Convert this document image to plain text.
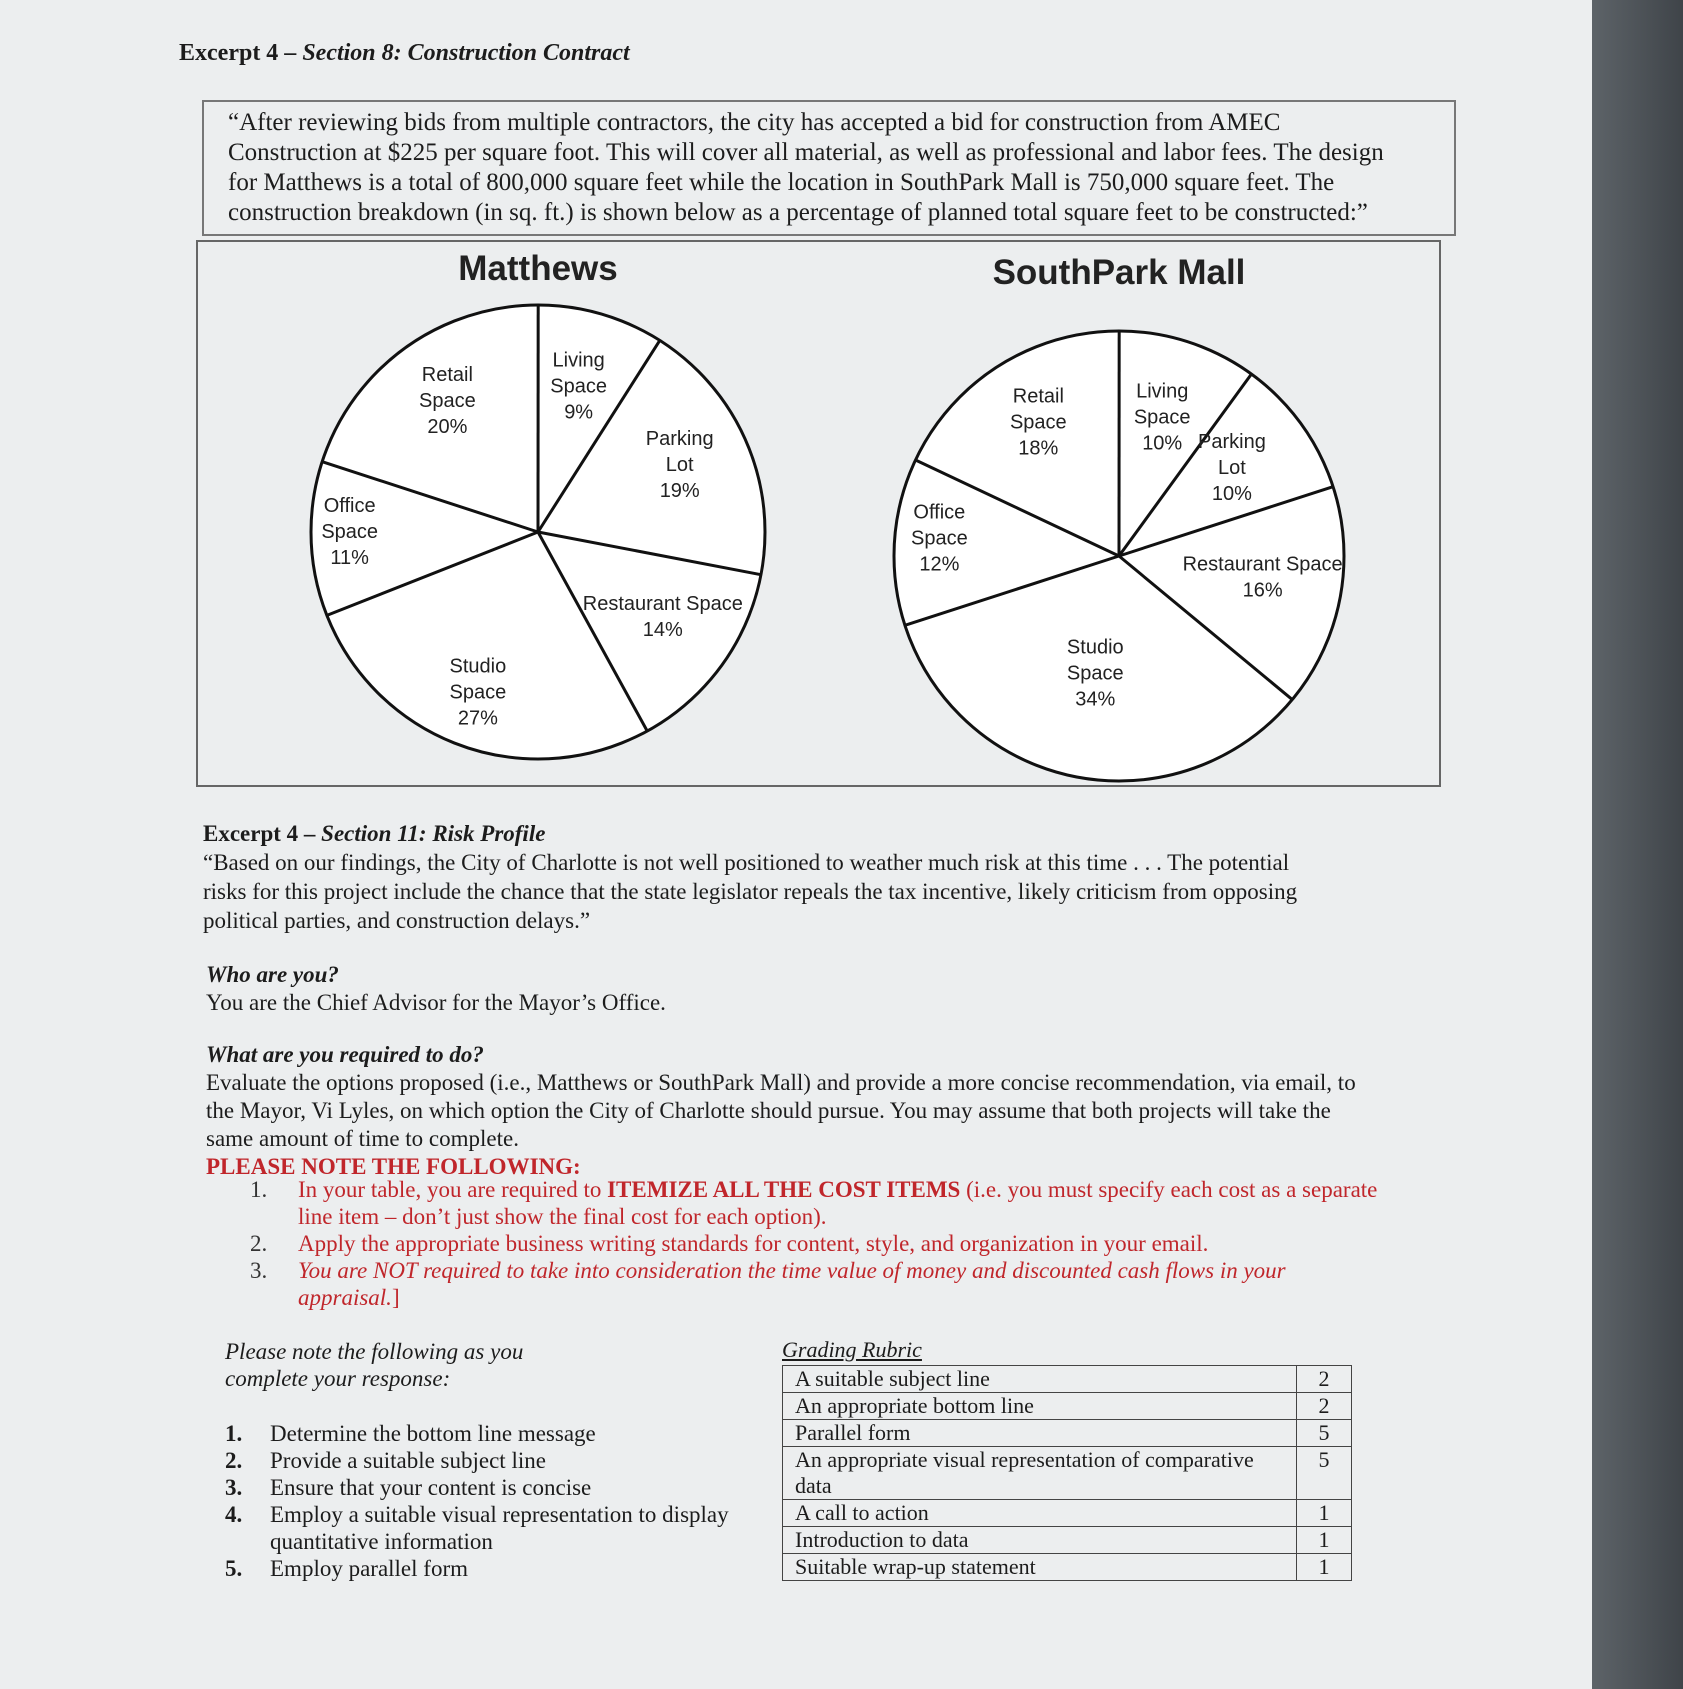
Excerpt 4 – Section 8: Construction Contract
“After reviewing bids from multiple contractors, the city has accepted a bid for construction from AMEC
Construction at $225 per square foot. This will cover all material, as well as professional and labor fees. The design
for Matthews is a total of 800,000 square feet while the location in SouthPark Mall is 750,000 square feet. The
construction breakdown (in sq. ft.) is shown below as a percentage of planned total square feet to be constructed:”
Matthews
Living Space 9%
Parking Lot 19%
Restaurant Space 14%
Studio Space 27%
Office Space 11%
Retail Space 20%
SouthPark Mall
Living Space 10% Parking Lot 10%
Restaurant Space 16%
Studio Space 34%
Office Space 12%
Retail Space 18%
Excerpt 4 – Section 11: Risk Profile
“Based on our findings, the City of Charlotte is not well positioned to weather much risk at this time . . . The potential
risks for this project include the chance that the state legislator repeals the tax incentive, likely criticism from opposing
political parties, and construction delays.”
Who are you?
You are the Chief Advisor for the Mayor’s Office.
What are you required to do?
Evaluate the options proposed (i.e., Matthews or SouthPark Mall) and provide a more concise recommendation, via email, to
the Mayor, Vi Lyles, on which option the City of Charlotte should pursue. You may assume that both projects will take the
same amount of time to complete.
PLEASE NOTE THE FOLLOWING:
1.	In your table, you are required to ITEMIZE ALL THE COST ITEMS (i.e. you must specify each cost as a separate line item – don’t just show the final cost for each option).
2.	Apply the appropriate business writing standards for content, style, and organization in your email.
3.	You are NOT required to take into consideration the time value of money and discounted cash flows in your appraisal.]
Please note the following as you
complete your response:
1.	Determine the bottom line message
2.	Provide a suitable subject line
3.	Ensure that your content is concise
4.	Employ a suitable visual representation to display quantitative information
5.	Employ parallel form
Grading Rubric
A suitable subject line	2
An appropriate bottom line	2
Parallel form	5
An appropriate visual representation of comparative data	5
A call to action	1
Introduction to data	1
Suitable wrap-up statement	1
